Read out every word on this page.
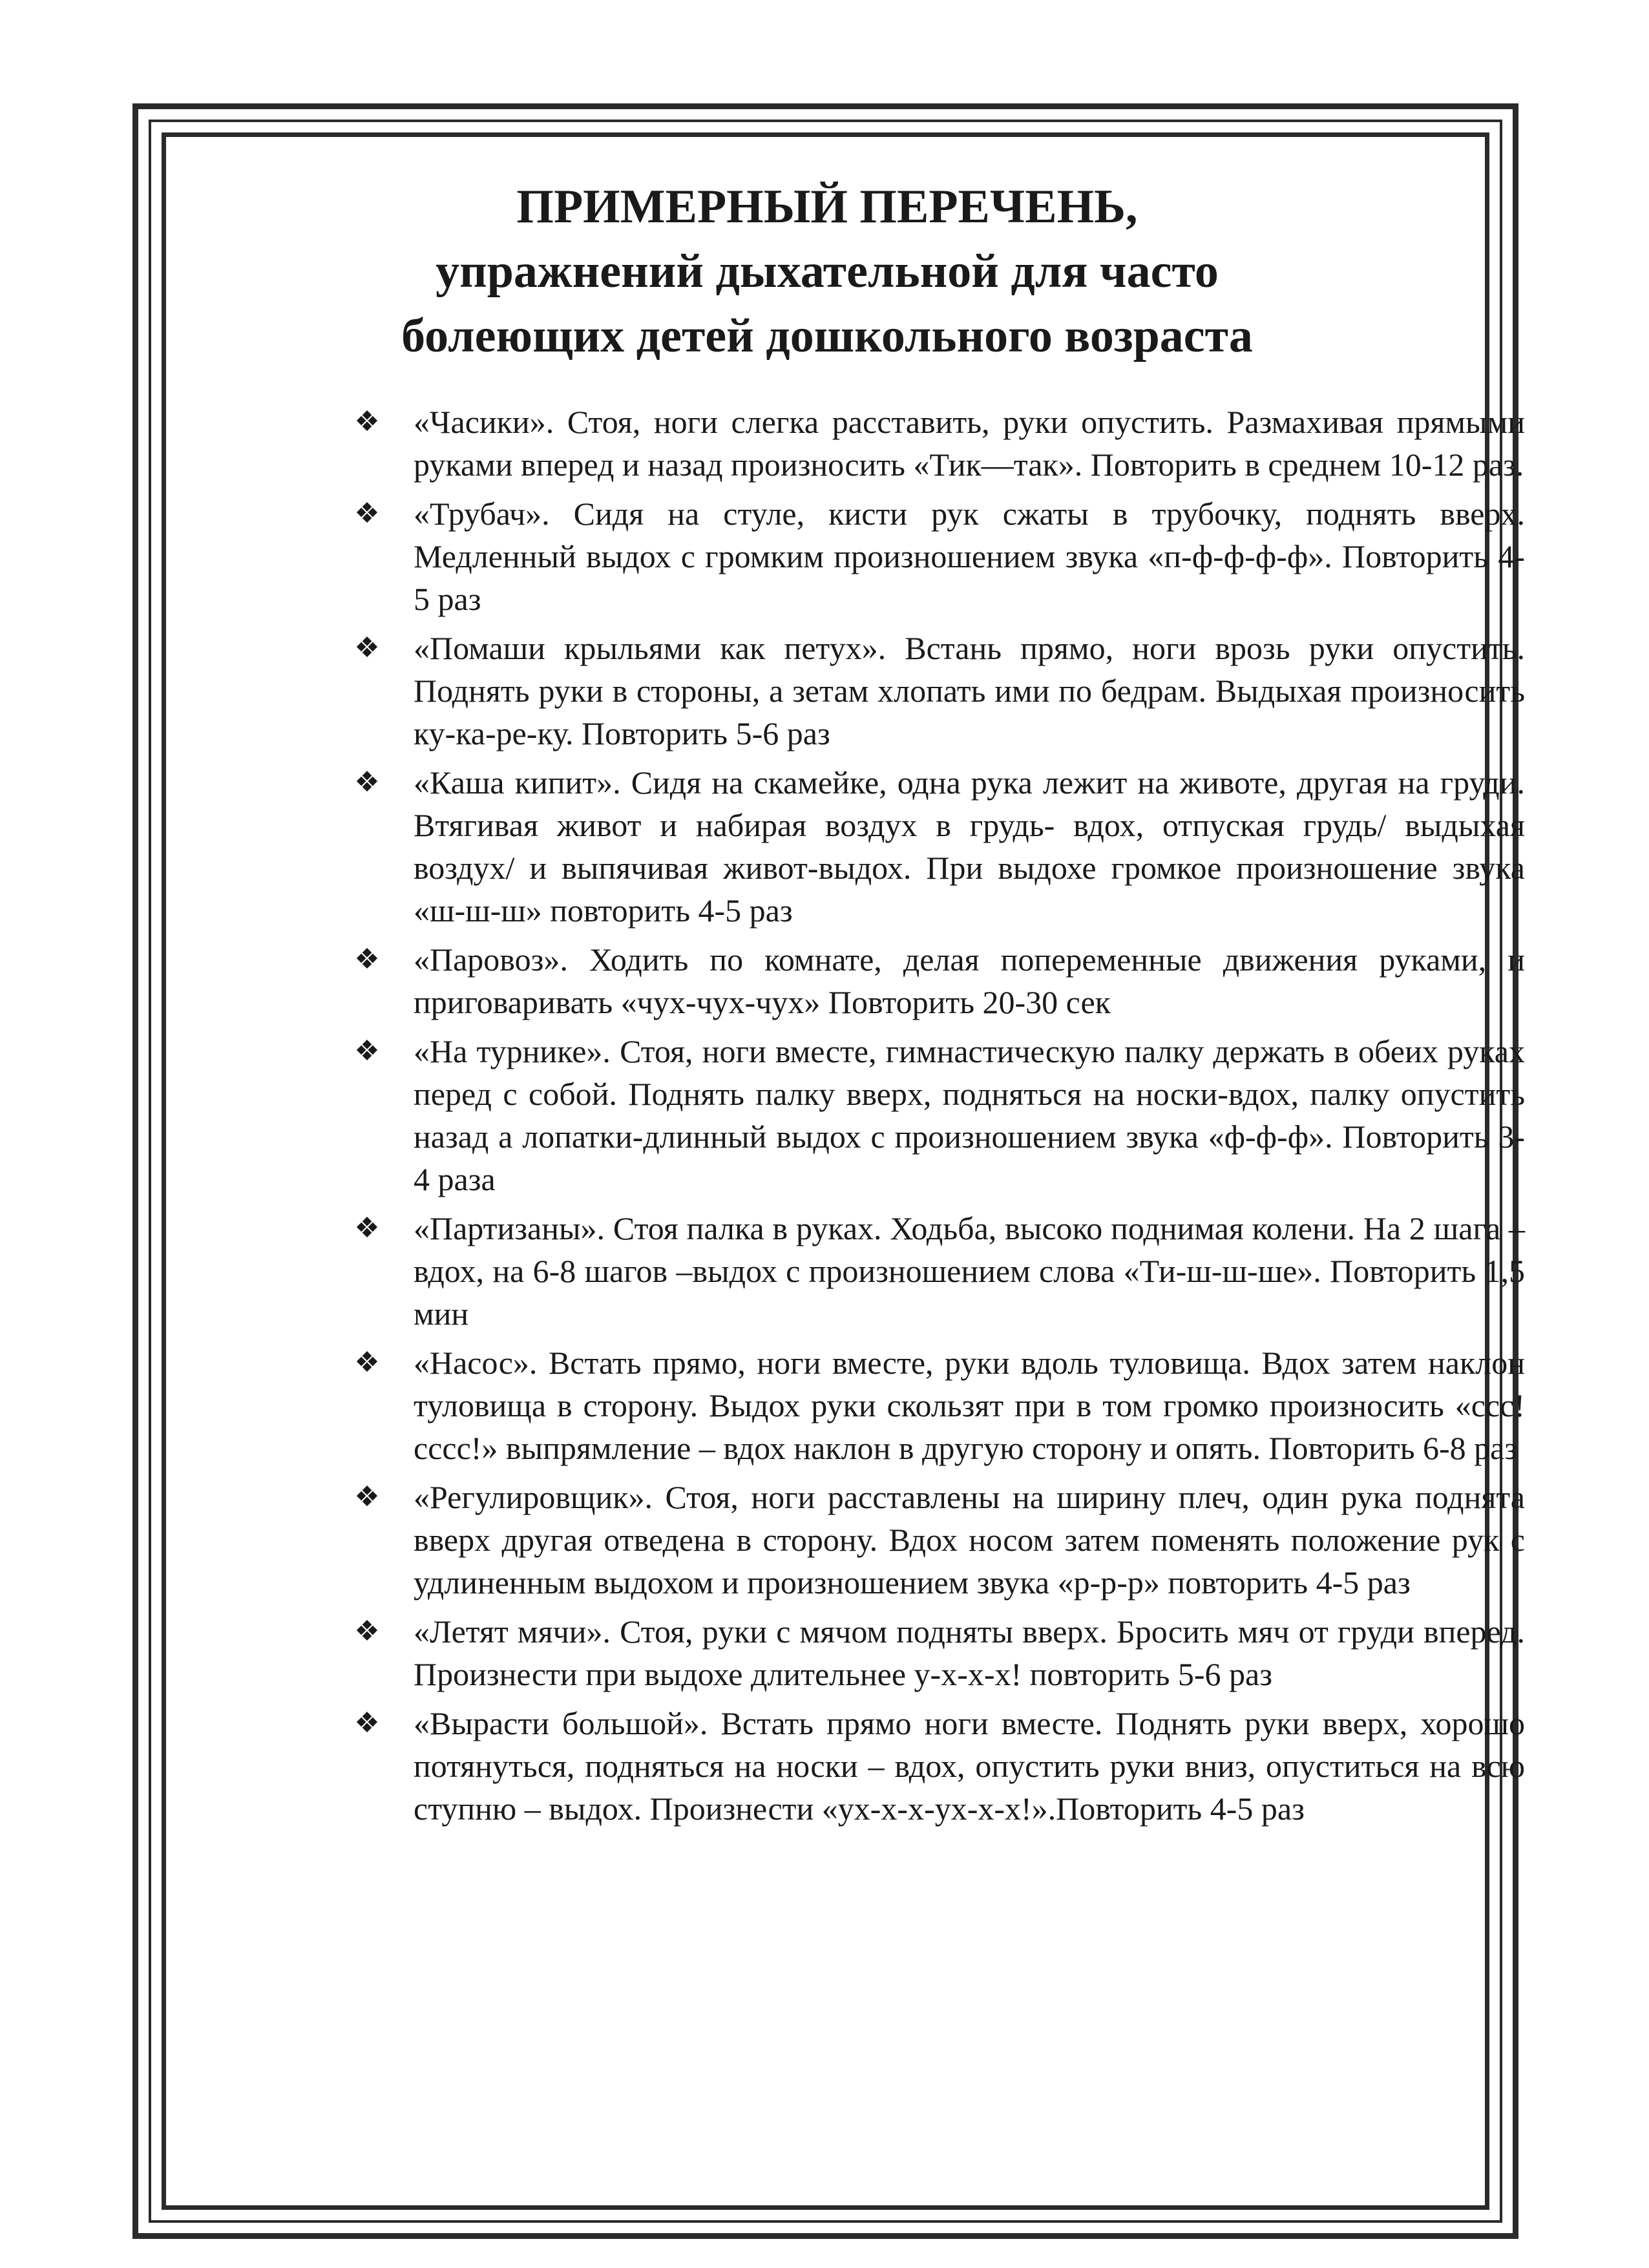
ПРИМЕРНЫЙ ПЕРЕЧЕНЬ,
упражнений дыхательной для часто
болеющих детей дошкольного возраста
❖ «Часики». Стоя, ноги слегка расставить, руки опустить. Размахивая прямыми руками вперед и назад произносить «Тик—так». Повторить в среднем 10-12 раз.
❖ «Трубач». Сидя на стуле, кисти рук сжаты в трубочку, поднять вверх. Медленный выдох с громким произношением звука «п-ф-ф-ф-ф». Повторить 4-5 раз
❖ «Помаши крыльями как петух». Встань прямо, ноги врозь руки опустить. Поднять руки в стороны, а зетам хлопать ими по бедрам. Выдыхая произносить ку-ка-ре-ку. Повторить 5-6 раз
❖ «Каша кипит». Сидя на скамейке, одна рука лежит на животе, другая на груди. Втягивая живот и набирая воздух в грудь- вдох, отпуская грудь/ выдыхая воздух/ и выпячивая живот-выдох. При выдохе громкое произношение звука «ш-ш-ш» повторить 4-5 раз
❖ «Паровоз». Ходить по комнате, делая попеременные движения руками, и приговаривать «чух-чух-чух» Повторить 20-30 сек
❖ «На турнике». Стоя, ноги вместе, гимнастическую палку держать в обеих руках перед с собой. Поднять палку вверх, подняться на носки-вдох, палку опустить назад а лопатки-длинный выдох с произношением звука «ф-ф-ф». Повторить 3-4 раза
❖ «Партизаны». Стоя палка в руках. Ходьба, высоко поднимая колени. На 2 шага –вдох, на 6-8 шагов –выдох с произношением слова «Ти-ш-ш-ше». Повторить 1,5 мин
❖ «Насос». Встать прямо, ноги вместе, руки вдоль туловища. Вдох затем наклон туловища в сторону. Выдох руки скользят при в том громко произносить «ссс!сссс!» выпрямление – вдох наклон в другую сторону и опять. Повторить 6-8 раз
❖ «Регулировщик». Стоя, ноги расставлены на ширину плеч, один рука поднята вверх другая отведена в сторону. Вдох носом затем поменять положение рук с удлиненным выдохом и произношением звука «р-р-р» повторить 4-5 раз
❖ «Летят мячи». Стоя, руки с мячом подняты вверх. Бросить мяч от груди вперед. Произнести при выдохе длительнее у-х-х-х! повторить 5-6 раз
❖ «Вырасти большой». Встать прямо ноги вместе. Поднять руки вверх, хорошо потянуться, подняться на носки – вдох, опустить руки вниз, опуститься на всю ступню – выдох. Произнести «ух-х-х-ух-х-х!».Повторить 4-5 раз
